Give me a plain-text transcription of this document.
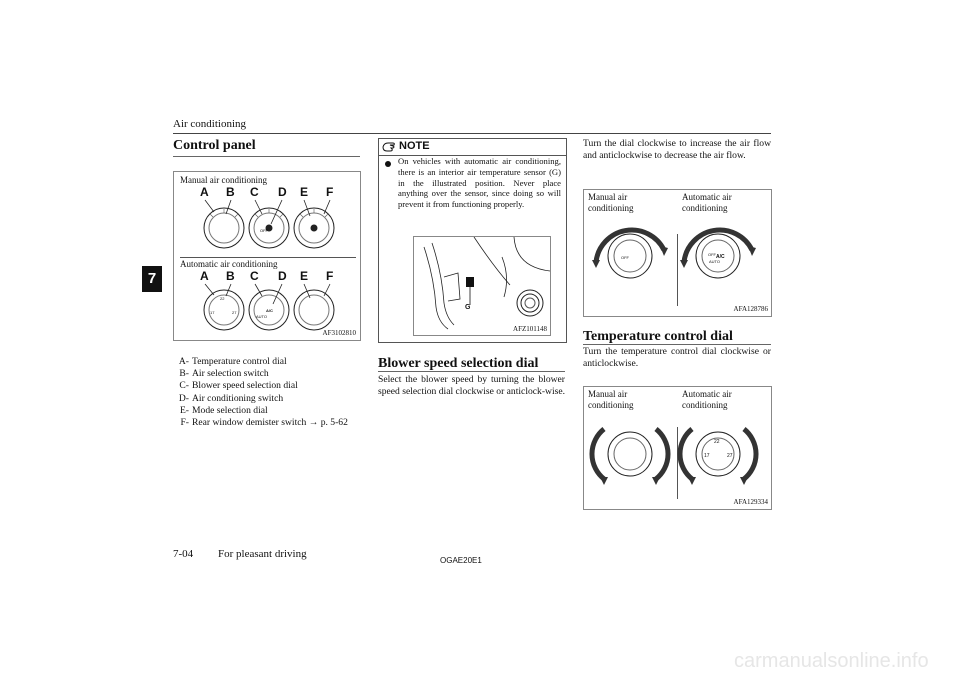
Air conditioning
7
Control panel
Manual air conditioning
Automatic air conditioning
A B C D E F
OFF
A B C D E F
17
22
27	A/C
AUTO
AF3102810
A- Temperature control dial
B- Air selection switch
C- Blower speed selection dial
D- Air conditioning switch
E- Mode selection dial
F- Rear window demister switch → p. 5-62
NOTE
On vehicles with automatic air conditioning, there is an interior air temperature sensor (G) in the illustrated position. Never place anything over the sensor, since doing so will prevent it from functioning properly.
G
AFZ101148
Blower speed selection dial
Select the blower speed by turning the blower speed selection dial clockwise or anticlock-wise.
Turn the dial clockwise to increase the air flow and anticlockwise to decrease the air flow.
Manual air conditioning
Automatic air conditioning
OFF
OFF A/C
AUTO
AFA128786
Temperature control dial
Turn the temperature control dial clockwise or anticlockwise.
Manual air conditioning
Automatic air conditioning
17
22
27
AFA129334
7-04 For pleasant driving
OGAE20E1
carmanualsonline.info
